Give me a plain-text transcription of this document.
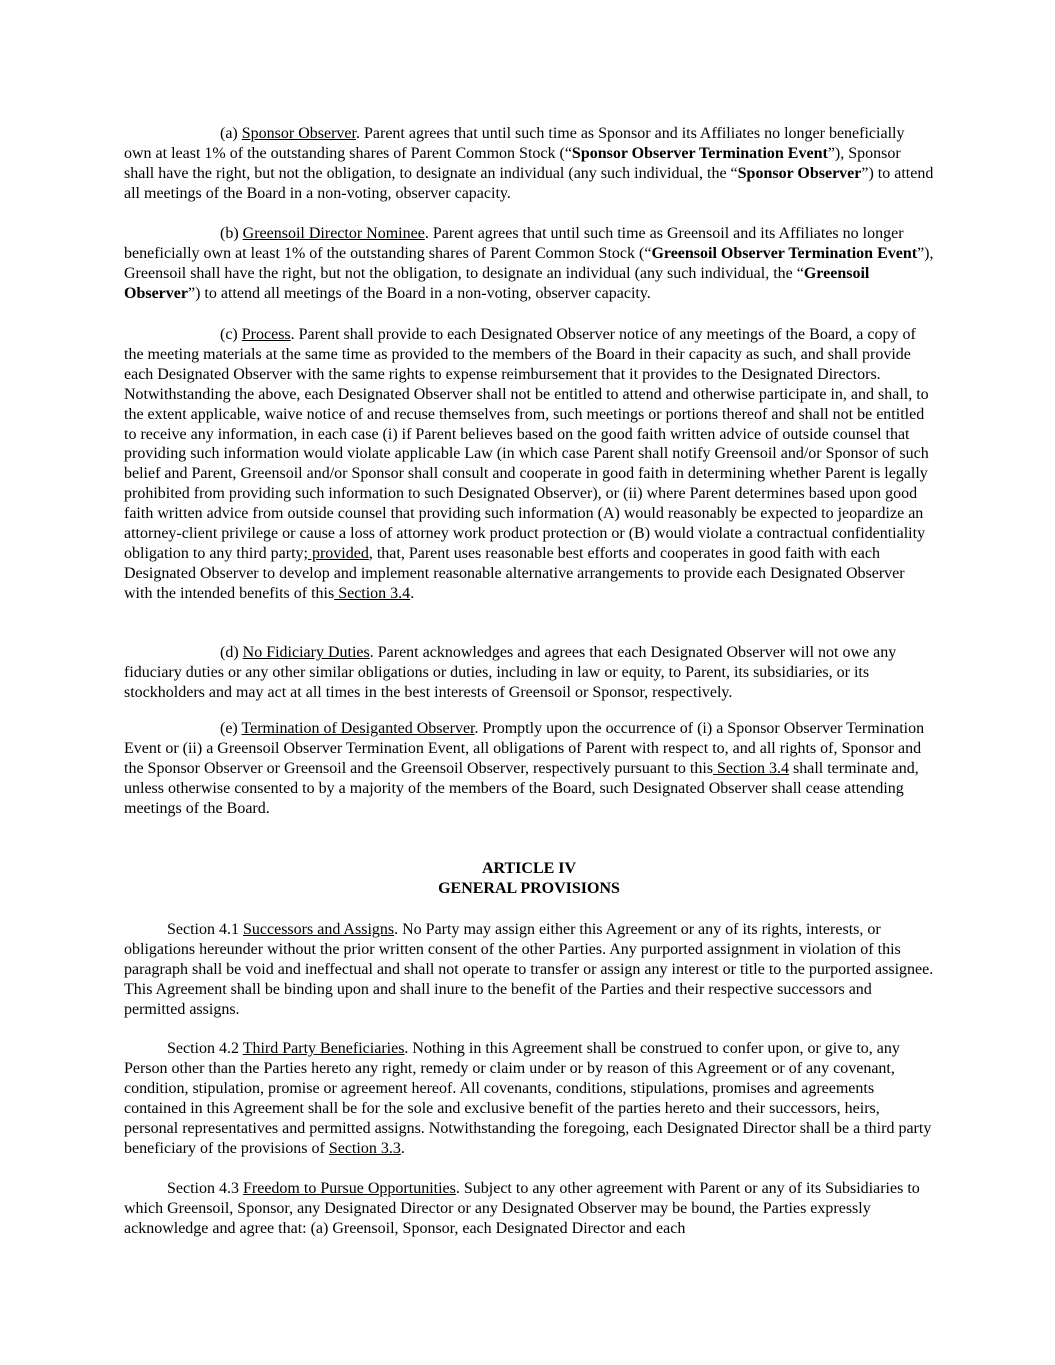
(a) Sponsor Observer. Parent agrees that until such time as Sponsor and its Affiliates no longer beneficially own at least 1% of the outstanding shares of Parent Common Stock (“Sponsor Observer Termination Event”), Sponsor shall have the right, but not the obligation, to designate an individual (any such individual, the “Sponsor Observer”) to attend all meetings of the Board in a non-voting, observer capacity.

(b) Greensoil Director Nominee. Parent agrees that until such time as Greensoil and its Affiliates no longer beneficially own at least 1% of the outstanding shares of Parent Common Stock (“Greensoil Observer Termination Event”), Greensoil shall have the right, but not the obligation, to designate an individual (any such individual, the “Greensoil Observer”) to attend all meetings of the Board in a non-voting, observer capacity.

(c) Process. Parent shall provide to each Designated Observer notice of any meetings of the Board, a copy of the meeting materials at the same time as provided to the members of the Board in their capacity as such, and shall provide each Designated Observer with the same rights to expense reimbursement that it provides to the Designated Directors. Notwithstanding the above, each Designated Observer shall not be entitled to attend and otherwise participate in, and shall, to the extent applicable, waive notice of and recuse themselves from, such meetings or portions thereof and shall not be entitled to receive any information, in each case (i) if Parent believes based on the good faith written advice of outside counsel that providing such information would violate applicable Law (in which case Parent shall notify Greensoil and/or Sponsor of such belief and Parent, Greensoil and/or Sponsor shall consult and cooperate in good faith in determining whether Parent is legally prohibited from providing such information to such Designated Observer), or (ii) where Parent determines based upon good faith written advice from outside counsel that providing such information (A) would reasonably be expected to jeopardize an attorney-client privilege or cause a loss of attorney work product protection or (B) would violate a contractual confidentiality obligation to any third party; provided, that, Parent uses reasonable best efforts and cooperates in good faith with each Designated Observer to develop and implement reasonable alternative arrangements to provide each Designated Observer with the intended benefits of this Section 3.4.

(d) No Fidiciary Duties. Parent acknowledges and agrees that each Designated Observer will not owe any fiduciary duties or any other similar obligations or duties, including in law or equity, to Parent, its subsidiaries, or its stockholders and may act at all times in the best interests of Greensoil or Sponsor, respectively.

(e) Termination of Desiganted Observer. Promptly upon the occurrence of (i) a Sponsor Observer Termination Event or (ii) a Greensoil Observer Termination Event, all obligations of Parent with respect to, and all rights of, Sponsor and the Sponsor Observer or Greensoil and the Greensoil Observer, respectively pursuant to this Section 3.4 shall terminate and, unless otherwise consented to by a majority of the members of the Board, such Designated Observer shall cease attending meetings of the Board.

ARTICLE IV

GENERAL PROVISIONS

Section 4.1 Successors and Assigns. No Party may assign either this Agreement or any of its rights, interests, or obligations hereunder without the prior written consent of the other Parties. Any purported assignment in violation of this paragraph shall be void and ineffectual and shall not operate to transfer or assign any interest or title to the purported assignee. This Agreement shall be binding upon and shall inure to the benefit of the Parties and their respective successors and permitted assigns.

Section 4.2 Third Party Beneficiaries. Nothing in this Agreement shall be construed to confer upon, or give to, any Person other than the Parties hereto any right, remedy or claim under or by reason of this Agreement or of any covenant, condition, stipulation, promise or agreement hereof. All covenants, conditions, stipulations, promises and agreements contained in this Agreement shall be for the sole and exclusive benefit of the parties hereto and their successors, heirs, personal representatives and permitted assigns. Notwithstanding the foregoing, each Designated Director shall be a third party beneficiary of the provisions of Section 3.3.

Section 4.3 Freedom to Pursue Opportunities. Subject to any other agreement with Parent or any of its Subsidiaries to which Greensoil, Sponsor, any Designated Director or any Designated Observer may be bound, the Parties expressly acknowledge and agree that: (a) Greensoil, Sponsor, each Designated Director and each
